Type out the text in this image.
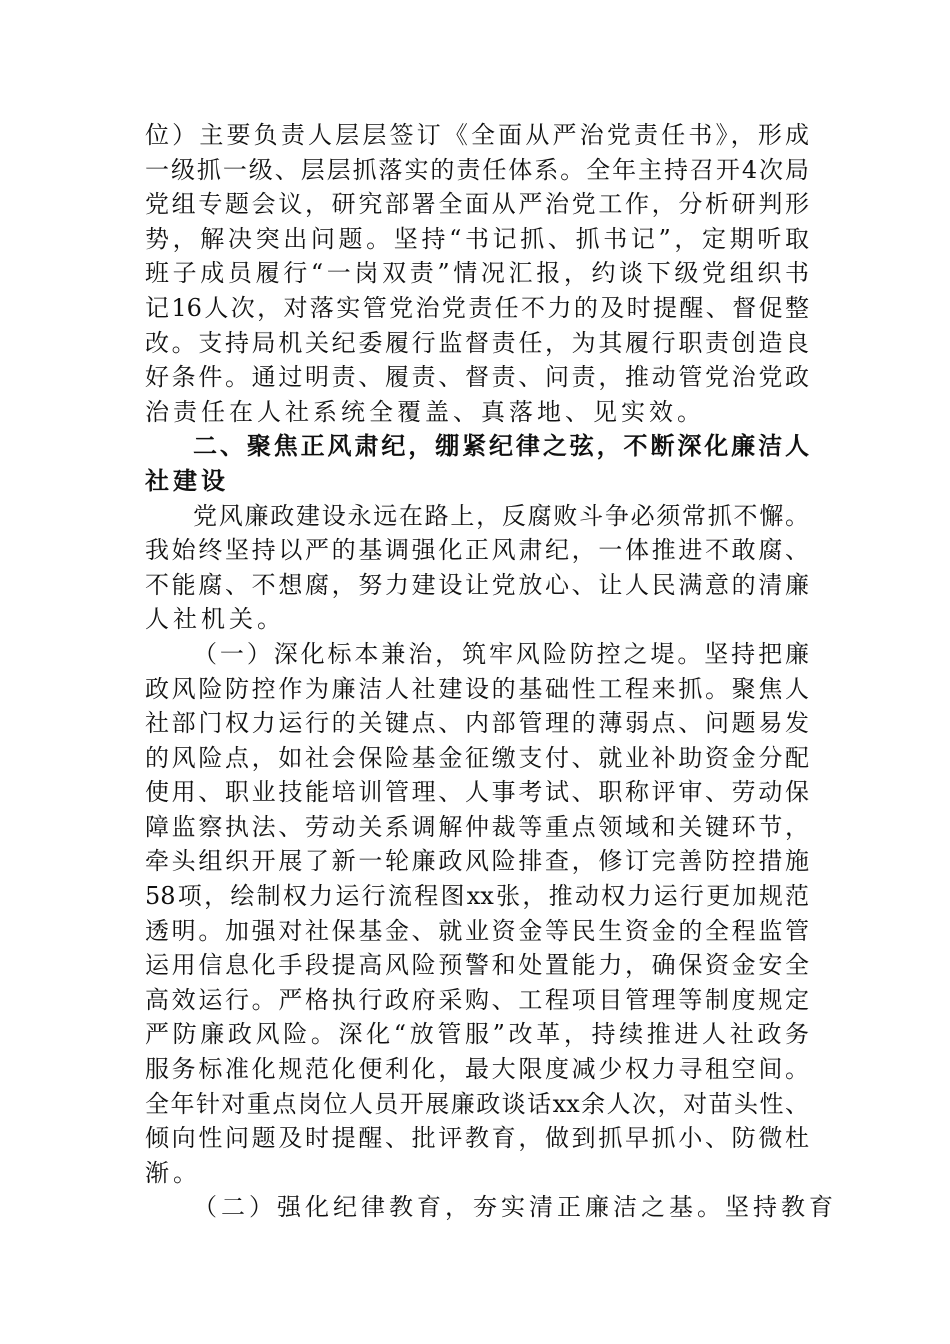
位）主要负责人层层签订《全面从严治党责任书》，形成
一级抓一级、层层抓落实的责任体系。全年主持召开4次局
党组专题会议，研究部署全面从严治党工作，分析研判形
势，解决突出问题。坚持“书记抓、抓书记”，定期听取
班子成员履行“一岗双责”情况汇报，约谈下级党组织书
记16人次，对落实管党治党责任不力的及时提醒、督促整
改。支持局机关纪委履行监督责任，为其履行职责创造良
好条件。通过明责、履责、督责、问责，推动管党治党政
治责任在人社系统全覆盖、真落地、见实效。
二、聚焦正风肃纪，绷紧纪律之弦，不断深化廉洁人
社建设
党风廉政建设永远在路上，反腐败斗争必须常抓不懈。
我始终坚持以严的基调强化正风肃纪，一体推进不敢腐、
不能腐、不想腐，努力建设让党放心、让人民满意的清廉
人社机关。
（一）深化标本兼治，筑牢风险防控之堤。坚持把廉
政风险防控作为廉洁人社建设的基础性工程来抓。聚焦人
社部门权力运行的关键点、内部管理的薄弱点、问题易发
的风险点，如社会保险基金征缴支付、就业补助资金分配
使用、职业技能培训管理、人事考试、职称评审、劳动保
障监察执法、劳动关系调解仲裁等重点领域和关键环节，
牵头组织开展了新一轮廉政风险排查，修订完善防控措施
58项，绘制权力运行流程图xx张，推动权力运行更加规范
透明。加强对社保基金、就业资金等民生资金的全程监管
运用信息化手段提高风险预警和处置能力，确保资金安全
高效运行。严格执行政府采购、工程项目管理等制度规定
严防廉政风险。深化“放管服”改革，持续推进人社政务
服务标准化规范化便利化，最大限度减少权力寻租空间。
全年针对重点岗位人员开展廉政谈话xx余人次，对苗头性、
倾向性问题及时提醒、批评教育，做到抓早抓小、防微杜
渐。
（二）强化纪律教育，夯实清正廉洁之基。坚持教育
